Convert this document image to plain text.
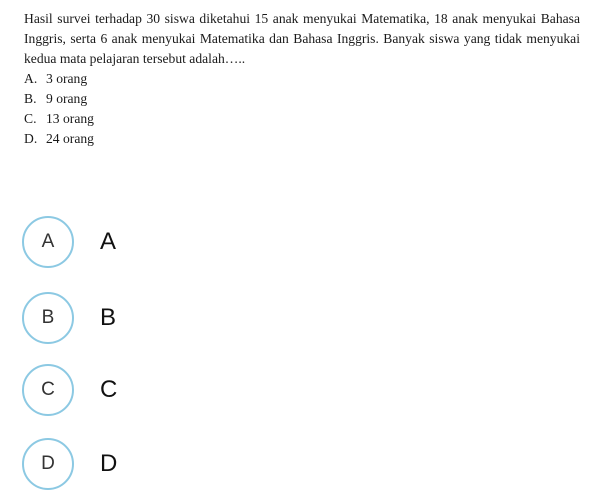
Hasil survei terhadap 30 siswa diketahui 15 anak menyukai Matematika, 18 anak menyukai Bahasa Inggris, serta 6 anak menyukai Matematika dan Bahasa Inggris. Banyak siswa yang tidak menyukai kedua mata pelajaran tersebut adalah…..

A. 3 orang
B. 9 orang
C. 13 orang
D. 24 orang
A	A
B	B
C	C
D	D
